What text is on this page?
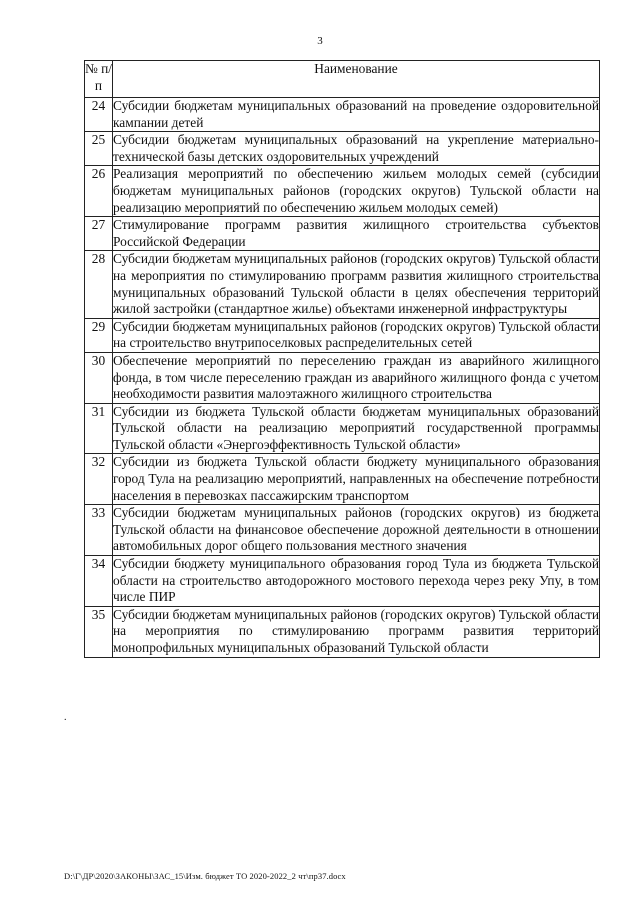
3
№ п/п	Наименование
24	Субсидии бюджетам муниципальных образований на проведение оздоровительной кампании детей
25	Субсидии бюджетам муниципальных образований на укрепление материально-технической базы детских оздоровительных учреждений
26	Реализация мероприятий по обеспечению жильем молодых семей (субсидии бюджетам муниципальных районов (городских округов) Тульской области на реализацию мероприятий по обеспечению жильем молодых семей)
27	Стимулирование программ развития жилищного строительства субъектов Российской Федерации
28	Субсидии бюджетам муниципальных районов (городских округов) Тульской области на мероприятия по стимулированию программ развития жилищного строительства муниципальных образований Тульской области в целях обеспечения территорий жилой застройки (стандартное жилье) объектами инженерной инфраструктуры
29	Субсидии бюджетам муниципальных районов (городских округов) Тульской области на строительство внутрипоселковых распределительных сетей
30	Обеспечение мероприятий по переселению граждан из аварийного жилищного фонда, в том числе переселению граждан из аварийного жилищного фонда с учетом необходимости развития малоэтажного жилищного строительства
31	Субсидии из бюджета Тульской области бюджетам муниципальных образований Тульской области на реализацию мероприятий государственной программы Тульской области «Энергоэффективность Тульской области»
32	Субсидии из бюджета Тульской области бюджету муниципального образования город Тула на реализацию мероприятий, направленных на обеспечение потребности населения в перевозках пассажирским транспортом
33	Субсидии бюджетам муниципальных районов (городских округов) из бюджета Тульской области на финансовое обеспечение дорожной деятельности в отношении автомобильных дорог общего пользования местного значения
34	Субсидии бюджету муниципального образования город Тула из бюджета Тульской области на строительство автодорожного мостового перехода через реку Упу, в том числе ПИР
35	Субсидии бюджетам муниципальных районов (городских округов) Тульской области на мероприятия по стимулированию программ развития территорий монопрофильных муниципальных образований Тульской области
.
D:\Г\ДР\2020\ЗАКОНЫ\ЗАС_15\Изм. бюджет ТО 2020-2022_2 чт\пр37.docx
